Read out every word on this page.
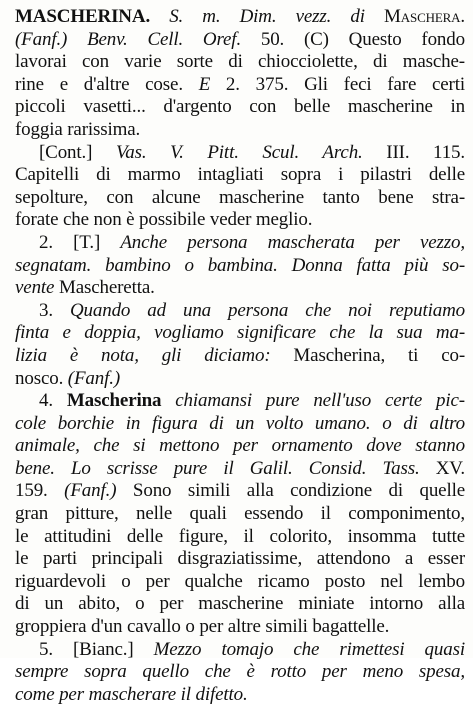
MASCHERINA. S. m. Dim. vezz. di Maschera.
(Fanf.) Benv. Cell. Oref. 50. (C) Questo fondo
lavorai con varie sorte di chiocciolette, di masche-
rine e d'altre cose. E 2. 375. Gli feci fare certi
piccoli vasetti... d'argento con belle mascherine in
foggia rarissima.
[Cont.] Vas. V. Pitt. Scul. Arch. III. 115.
Capitelli di marmo intagliati sopra i pilastri delle
sepolture, con alcune mascherine tanto bene stra-
forate che non è possibile veder meglio.
2. [T.] Anche persona mascherata per vezzo,
segnatam. bambino o bambina. Donna fatta più so-
vente Mascheretta.
3. Quando ad una persona che noi reputiamo
finta e doppia, vogliamo significare che la sua ma-
lizia è nota, gli diciamo: Mascherina, ti co-
nosco. (Fanf.)
4. Mascherina chiamansi pure nell'uso certe pic-
cole borchie in figura di un volto umano. o di altro
animale, che si mettono per ornamento dove stanno
bene. Lo scrisse pure il Galil. Consid. Tass. XV.
159. (Fanf.) Sono simili alla condizione di quelle
gran pitture, nelle quali essendo il componimento,
le attitudini delle figure, il colorito, insomma tutte
le parti principali disgraziatissime, attendono a esser
riguardevoli o per qualche ricamo posto nel lembo
di un abito, o per mascherine miniate intorno alla
groppiera d'un cavallo o per altre simili bagattelle.
5. [Bianc.] Mezzo tomajo che rimettesi quasi
sempre sopra quello che è rotto per meno spesa,
come per mascherare il difetto.
